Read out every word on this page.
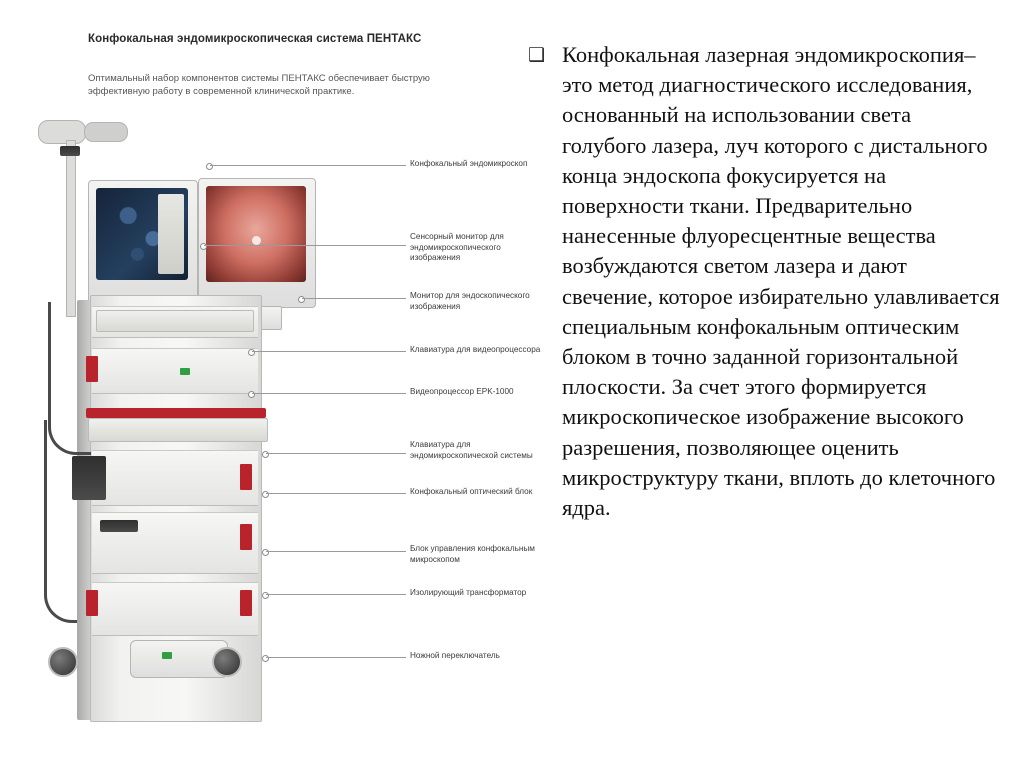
Конфокальная эндомикроскопическая система ПЕНТАКС
Оптимальный набор компонентов системы ПЕНТАКС обеспечивает быструю эффективную работу в современной клинической практике.
Конфокальный эндомикроскоп
Сенсорный монитор для эндомикроскопического изображения
Монитор для эндоскопического изображения
Клавиатура для видеопроцессора
Видеопроцессор EPK-1000
Клавиатура для эндомикроскопической системы
Конфокальный оптический блок
Блок управления конфокальным микроскопом
Изолирующий трансформатор
Ножной переключатель
❑ Конфокальная лазерная эндомикроскопия– это метод диагностического исследования, основанный на использовании света голубого лазера, луч которого с дистального конца эндоскопа фокусируется на поверхности ткани. Предварительно нанесенные флуоресцентные вещества возбуждаются светом лазера и дают свечение, которое избирательно улавливается специальным конфокальным оптическим блоком в точно заданной горизонтальной плоскости. За счет этого формируется микроскопическое изображение высокого разрешения, позволяющее оценить микроструктуру ткани, вплоть до клеточного ядра.
